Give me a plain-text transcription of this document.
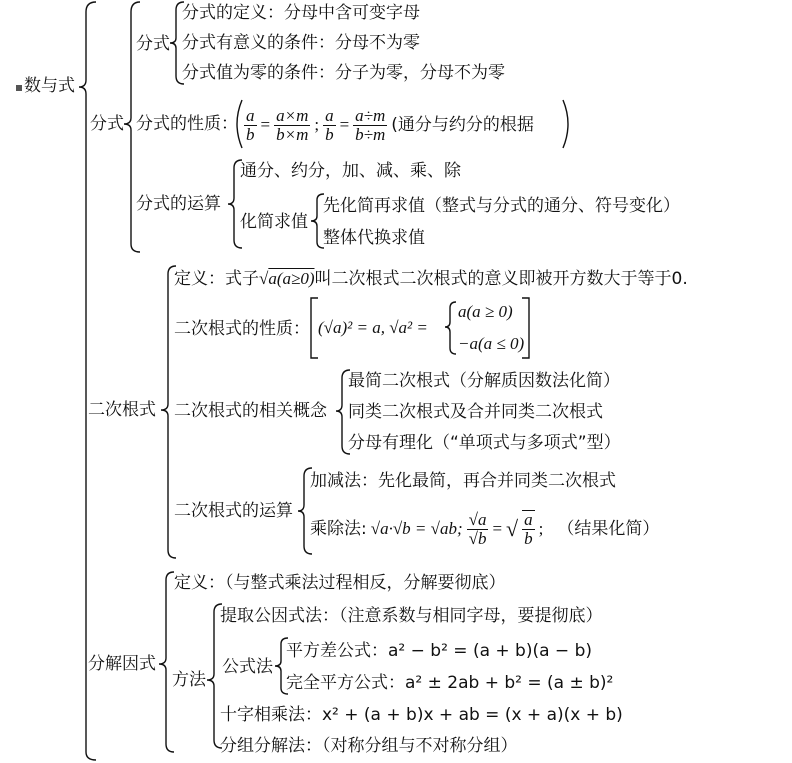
数与式
分式
分式
分式的定义：分母中含可变字母
分式有意义的条件：分母不为零
分式值为零的条件：分子为零，分母不为零
分式的性质： $\frac{a}{b} = \frac{a\times m}{b\times m}$ ; $\frac{a}{b} = \frac{a\div m}{b\div m}$ (通分与约分的根据
分式的运算
通分、约分，加、减、乘、除
化简求值
先化简再求值（整式与分式的通分、符号变化）
整体代换求值
二次根式
定义：式子√a(a≥0)叫二次根式二次根式的意义即被开方数大于等于0.
二次根式的性质： (√a)² = a, √a² =
a(a ≥ 0)
−a(a ≤ 0)
二次根式的相关概念
最简二次根式（分解质因数法化简）
同类二次根式及合并同类二次根式
分母有理化（“单项式与多项式”型）
二次根式的运算
加减法：先化最简，再合并同类二次根式
乘除法: √a·√b = √ab; $\frac{√a}{√b}$ = √ $\frac{a}{b}$ ; （结果化简）
分解因式
定义：（与整式乘法过程相反，分解要彻底）
方法
提取公因式法：（注意系数与相同字母，要提彻底）
公式法
平方差公式：a² − b² = (a + b)(a − b)
完全平方公式：a² ± 2ab + b² = (a ± b)²
十字相乘法：x² + (a + b)x + ab = (x + a)(x + b)
分组分解法：（对称分组与不对称分组）
